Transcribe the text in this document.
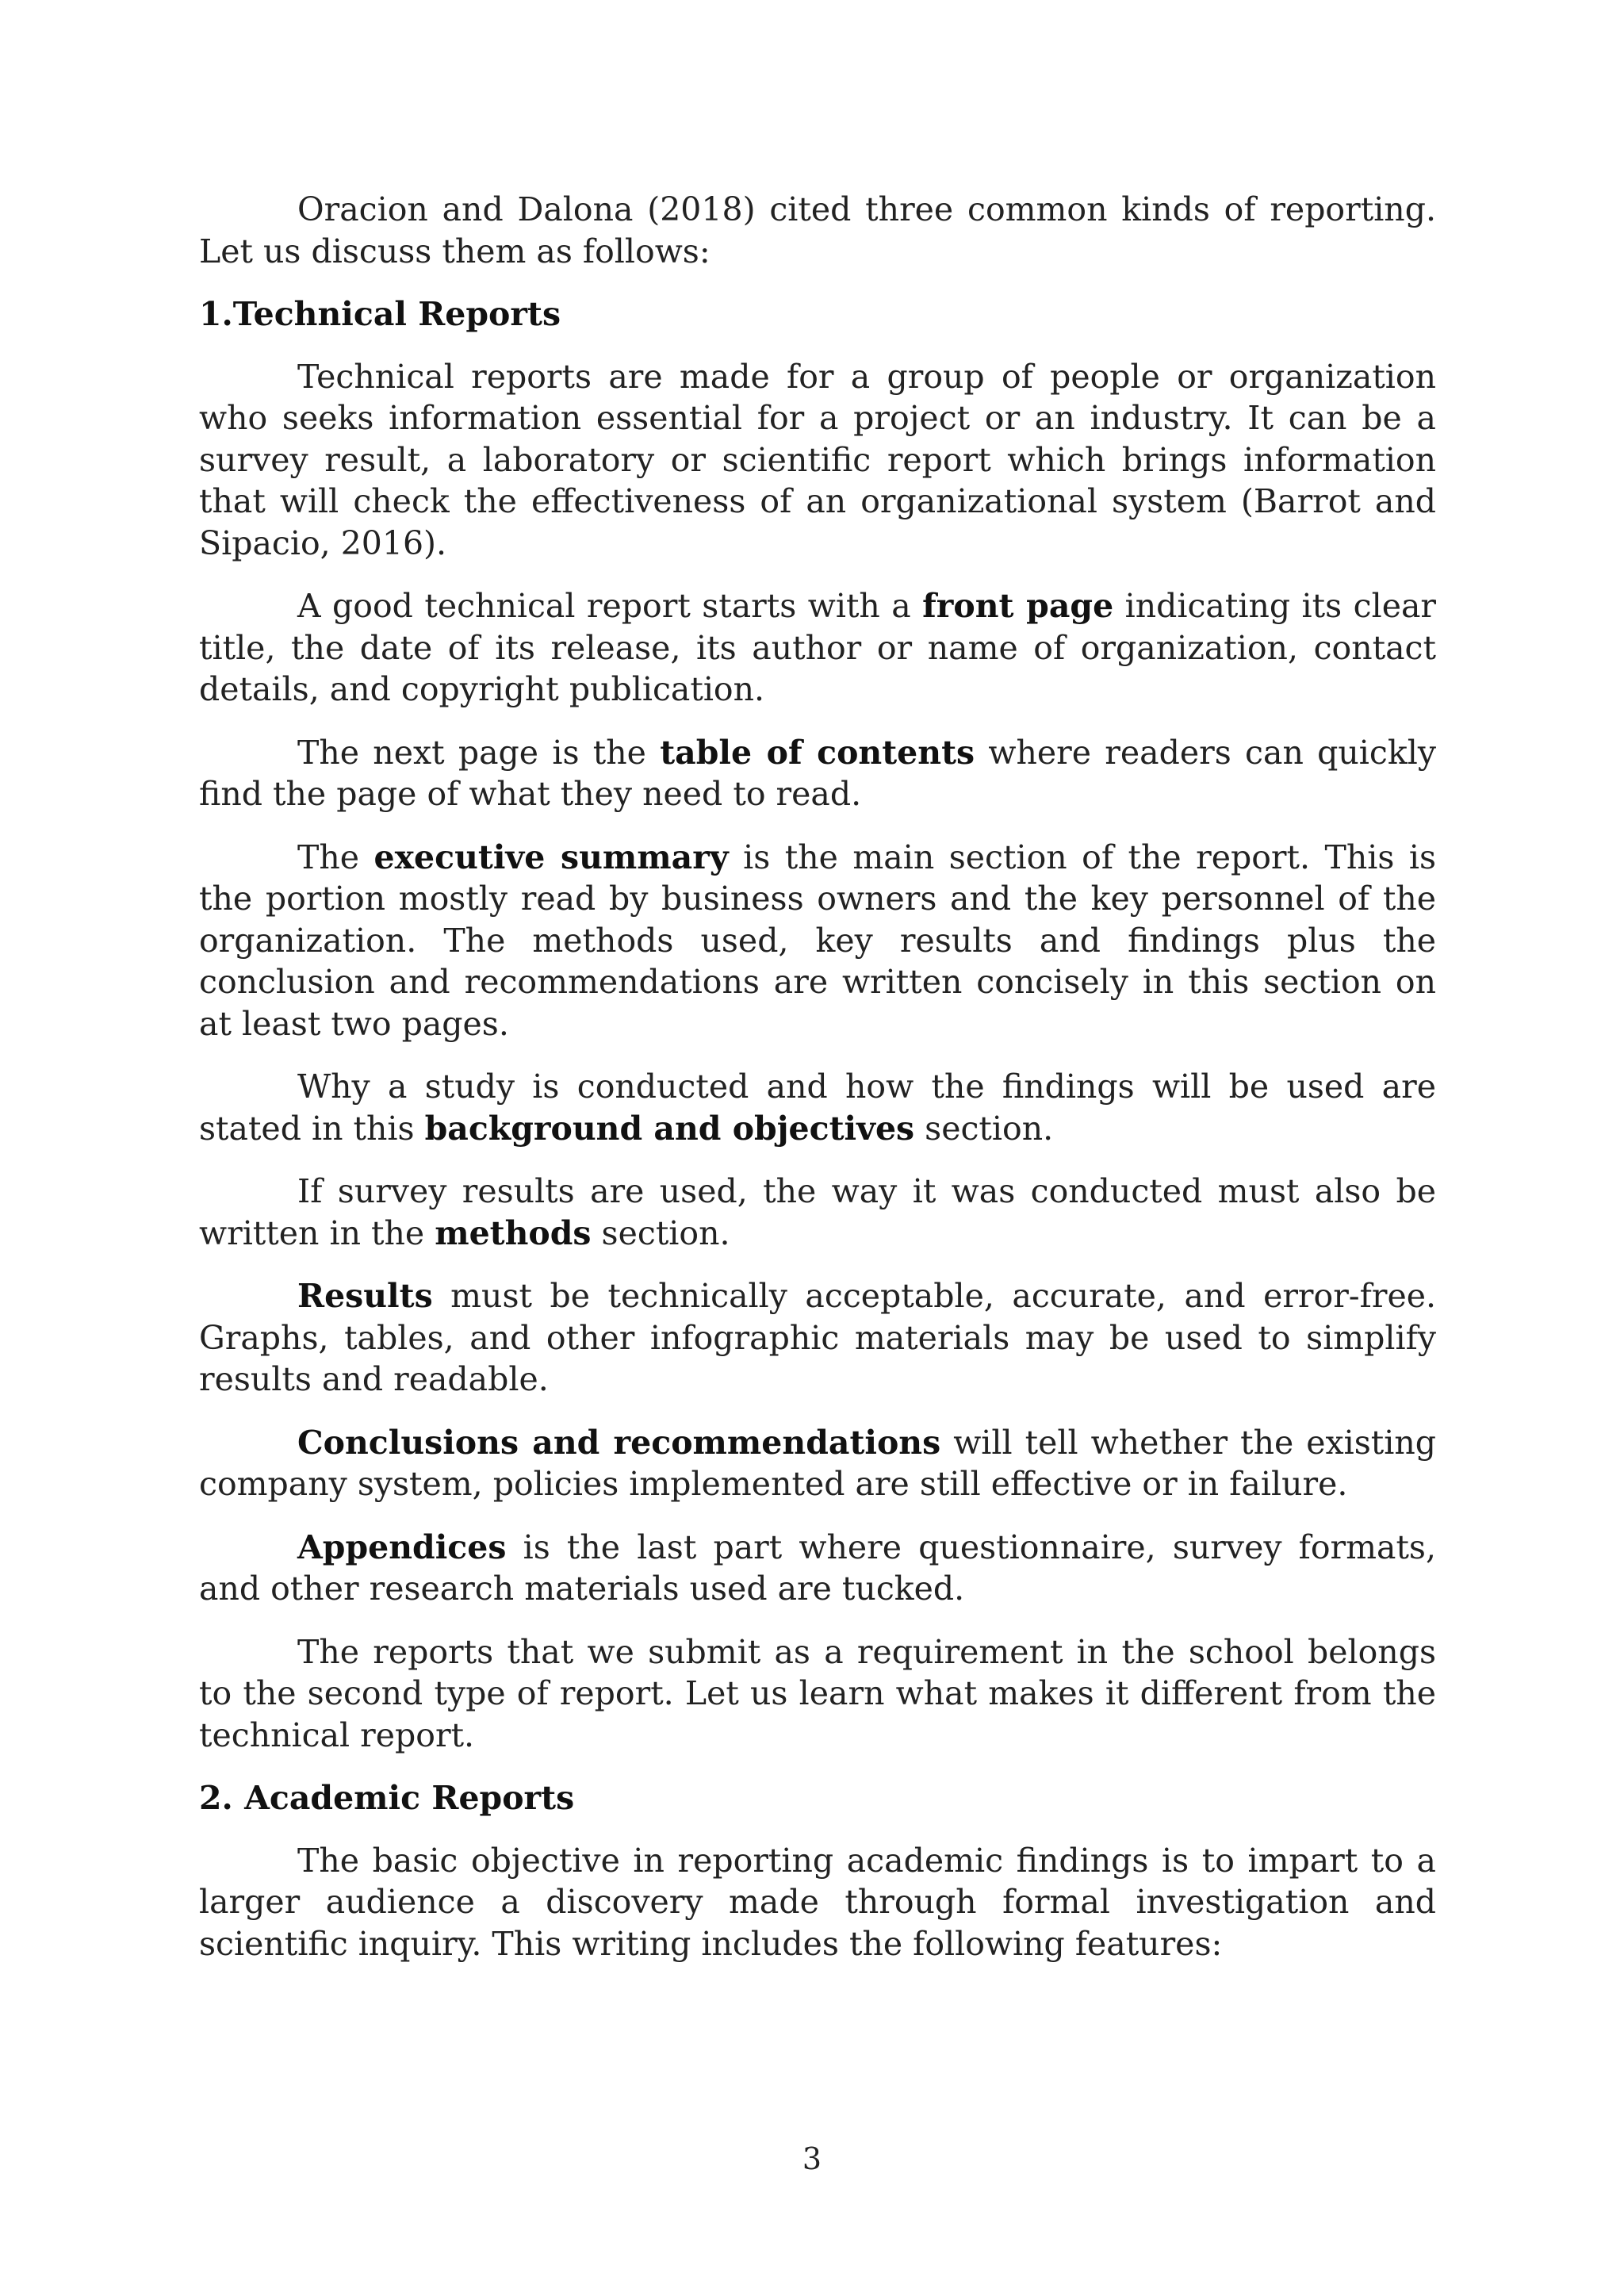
Oracion and Dalona (2018) cited three common kinds of reporting. Let us discuss them as follows:

1.Technical Reports

Technical reports are made for a group of people or organization who seeks information essential for a project or an industry. It can be a survey result, a laboratory or scientific report which brings information that will check the effectiveness of an organizational system (Barrot and Sipacio, 2016).

A good technical report starts with a front page indicating its clear title, the date of its release, its author or name of organization, contact details, and copyright publication.

The next page is the table of contents where readers can quickly find the page of what they need to read.

The executive summary is the main section of the report. This is the portion mostly read by business owners and the key personnel of the organization. The methods used, key results and findings plus the conclusion and recommendations are written concisely in this section on at least two pages.

Why a study is conducted and how the findings will be used are stated in this background and objectives section.

If survey results are used, the way it was conducted must also be written in the methods section.

Results must be technically acceptable, accurate, and error-free. Graphs, tables, and other infographic materials may be used to simplify results and readable.

Conclusions and recommendations will tell whether the existing company system, policies implemented are still effective or in failure.

Appendices is the last part where questionnaire, survey formats, and other research materials used are tucked.

The reports that we submit as a requirement in the school belongs to the second type of report. Let us learn what makes it different from the technical report.

2. Academic Reports

The basic objective in reporting academic findings is to impart to a larger audience a discovery made through formal investigation and scientific inquiry. This writing includes the following features:

3
